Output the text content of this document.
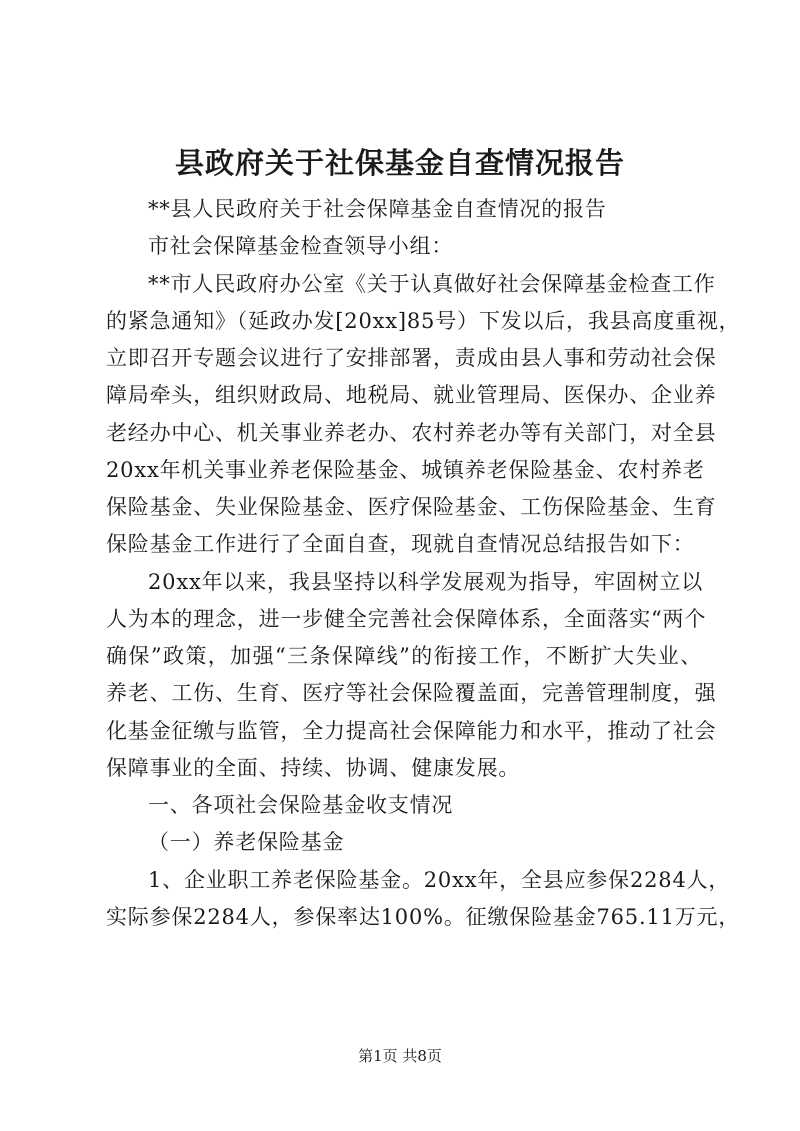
县政府关于社保基金自查情况报告
**县人民政府关于社会保障基金自查情况的报告
市社会保障基金检查领导小组：
**市人民政府办公室《关于认真做好社会保障基金检查工作
的紧急通知》（延政办发[20xx]85号）下发以后，我县高度重视，
立即召开专题会议进行了安排部署，责成由县人事和劳动社会保
障局牵头，组织财政局、地税局、就业管理局、医保办、企业养
老经办中心、机关事业养老办、农村养老办等有关部门，对全县
20xx年机关事业养老保险基金、城镇养老保险基金、农村养老
保险基金、失业保险基金、医疗保险基金、工伤保险基金、生育
保险基金工作进行了全面自查，现就自查情况总结报告如下：
20xx年以来，我县坚持以科学发展观为指导，牢固树立以
人为本的理念，进一步健全完善社会保障体系，全面落实“两个
确保”政策，加强“三条保障线”的衔接工作，不断扩大失业、
养老、工伤、生育、医疗等社会保险覆盖面，完善管理制度，强
化基金征缴与监管，全力提高社会保障能力和水平，推动了社会
保障事业的全面、持续、协调、健康发展。
一、各项社会保险基金收支情况
（一）养老保险基金
1、企业职工养老保险基金。20xx年，全县应参保2284人，
实际参保2284人，参保率达100%。征缴保险基金765.11万元，
第1页 共8页
